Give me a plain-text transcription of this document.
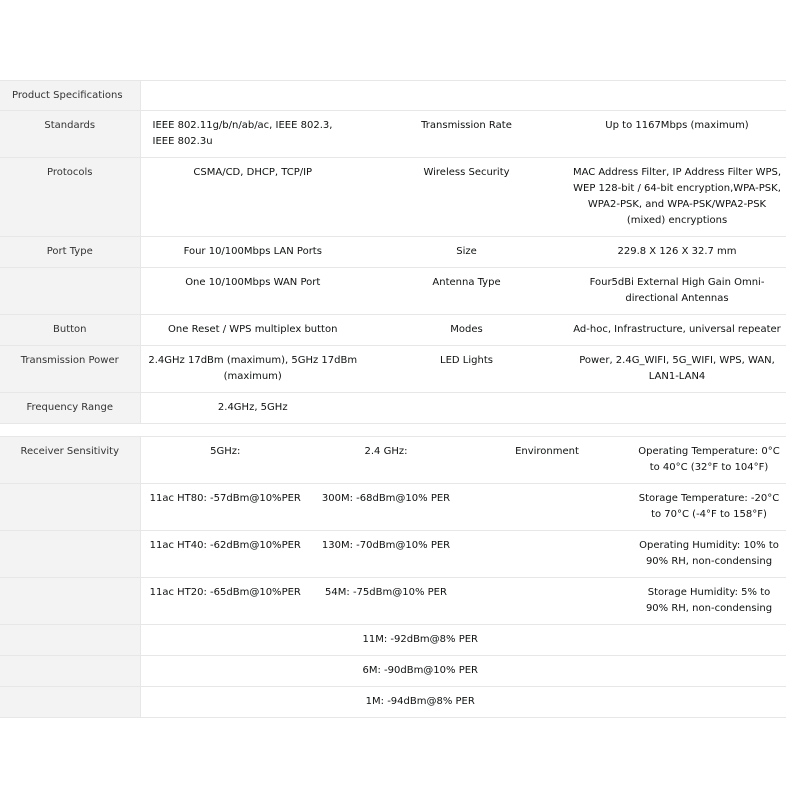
Product Specifications			
Standards	IEEE 802.11g/b/n/ab/ac, IEEE 802.3, IEEE 802.3u	Transmission Rate	Up to 1167Mbps (maximum)
Protocols	CSMA/CD, DHCP, TCP/IP	Wireless Security	MAC Address Filter, IP Address Filter WPS, WEP 128-bit / 64-bit encryption,WPA-PSK, WPA2-PSK, and WPA-PSK/WPA2-PSK (mixed) encryptions
Port Type	Four 10/100Mbps LAN Ports	Size	229.8 X 126 X 32.7 mm
	One 10/100Mbps WAN Port	Antenna Type	Four5dBi External High Gain Omni-directional Antennas
Button	One Reset / WPS multiplex button	Modes	Ad-hoc, Infrastructure, universal repeater
Transmission Power	2.4GHz 17dBm (maximum), 5GHz 17dBm (maximum)	LED Lights	Power, 2.4G_WIFI, 5G_WIFI, WPS, WAN, LAN1-LAN4
Frequency Range	2.4GHz, 5GHz		
Receiver Sensitivity	5GHz:	2.4 GHz:	Environment	Operating Temperature: 0°C to 40°C (32°F to 104°F)
	11ac HT80: -57dBm@10%PER	300M: -68dBm@10% PER		Storage Temperature: -20°C to 70°C (-4°F to 158°F)
	11ac HT40: -62dBm@10%PER	130M: -70dBm@10% PER		Operating Humidity: 10% to 90% RH, non-condensing
	11ac HT20: -65dBm@10%PER	54M: -75dBm@10% PER		Storage Humidity: 5% to 90% RH, non-condensing
	11M: -92dBm@8% PER			
	6M: -90dBm@10% PER			
	1M: -94dBm@8% PER			
